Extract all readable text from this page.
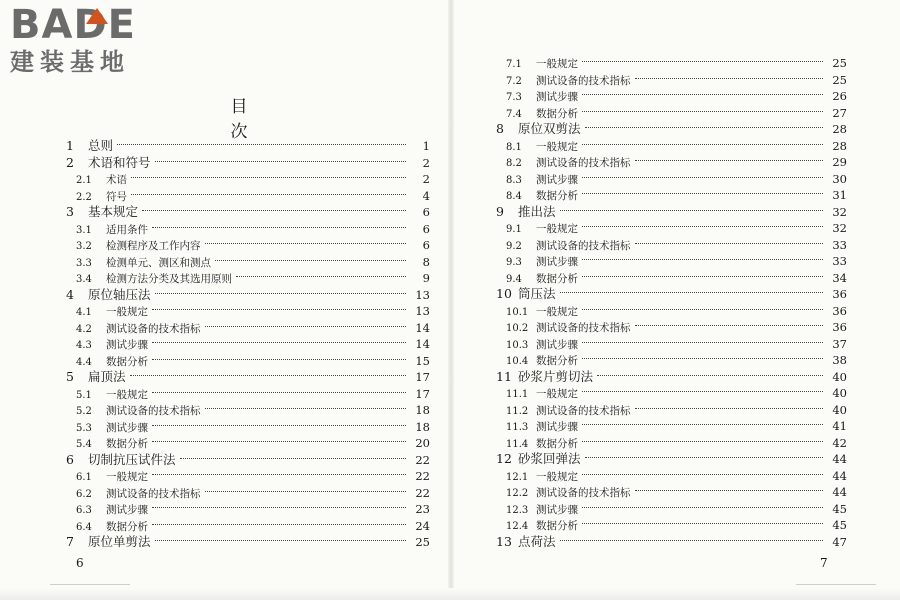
BADE
建装基地
目 次
1	总则	1
2	术语和符号	2
2.1	术语	2
2.2	符号	4
3	基本规定	6
3.1	适用条件	6
3.2	检测程序及工作内容	6
3.3	检测单元、测区和测点	8
3.4	检测方法分类及其选用原则	9
4	原位轴压法	13
4.1	一般规定	13
4.2	测试设备的技术指标	14
4.3	测试步骤	14
4.4	数据分析	15
5	扁顶法	17
5.1	一般规定	17
5.2	测试设备的技术指标	18
5.3	测试步骤	18
5.4	数据分析	20
6	切制抗压试件法	22
6.1	一般规定	22
6.2	测试设备的技术指标	22
6.3	测试步骤	23
6.4	数据分析	24
7	原位单剪法	25
7.1	一般规定	25
7.2	测试设备的技术指标	25
7.3	测试步骤	26
7.4	数据分析	27
8	原位双剪法	28
8.1	一般规定	28
8.2	测试设备的技术指标	29
8.3	测试步骤	30
8.4	数据分析	31
9	推出法	32
9.1	一般规定	32
9.2	测试设备的技术指标	33
9.3	测试步骤	33
9.4	数据分析	34
10 筒压法	36
10.1 一般规定	36
10.2 测试设备的技术指标	36
10.3 测试步骤	37
10.4 数据分析	38
11 砂浆片剪切法	40
11.1 一般规定	40
11.2 测试设备的技术指标	40
11.3 测试步骤	41
11.4 数据分析	42
12 砂浆回弹法	44
12.1 一般规定	44
12.2 测试设备的技术指标	44
12.3 测试步骤	45
12.4 数据分析	45
13 点荷法	47
6	7
